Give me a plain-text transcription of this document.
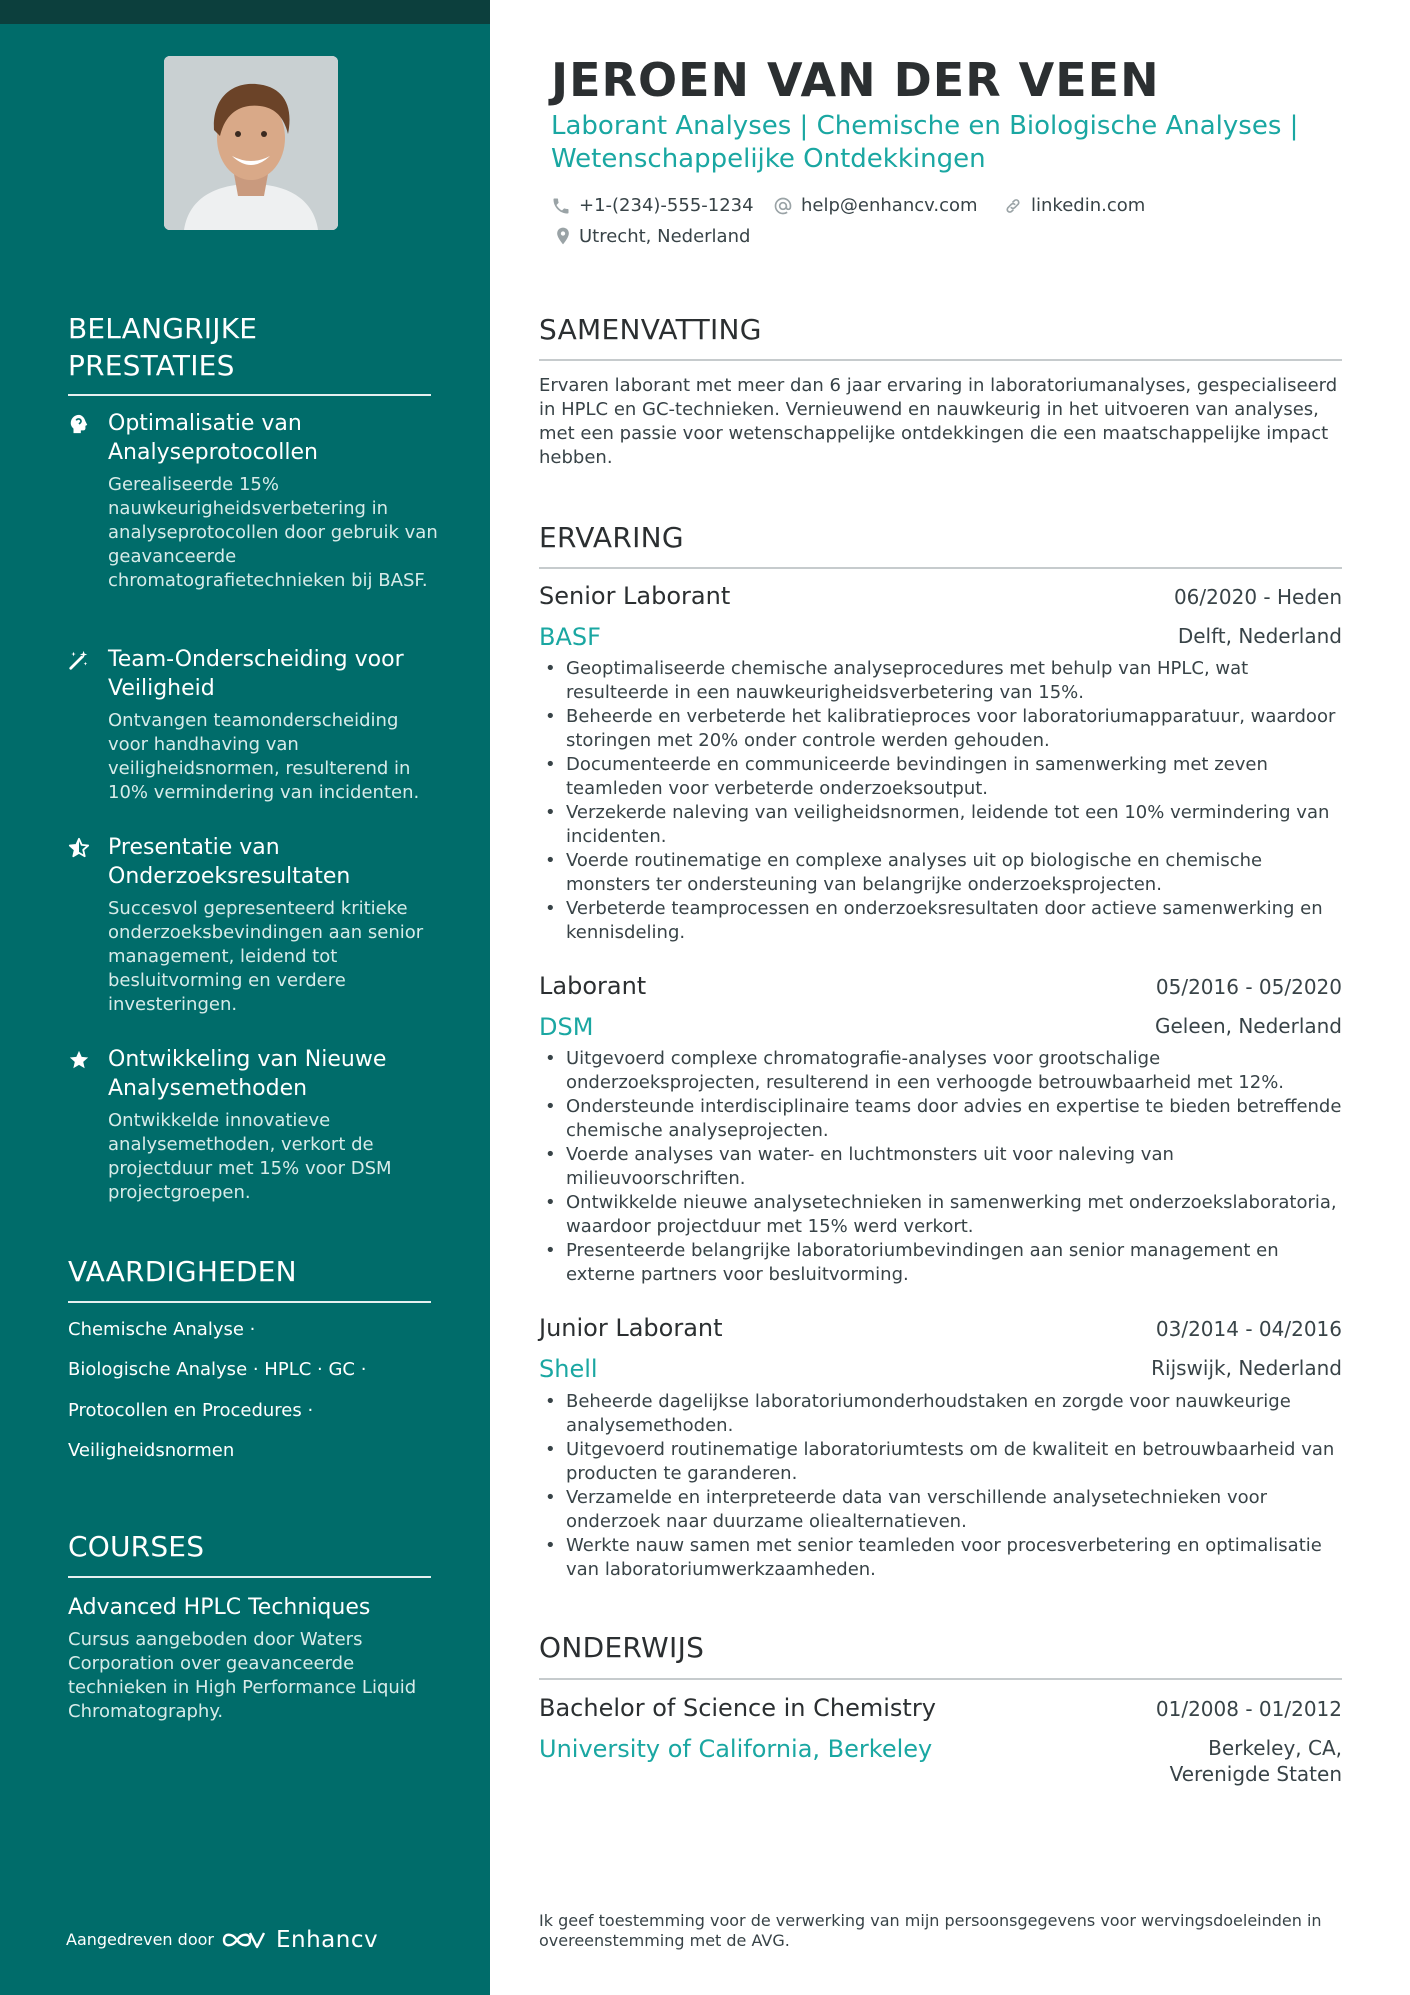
BELANGRIJKE PRESTATIES
Optimalisatie van Analyseprotocollen
Gerealiseerde 15% nauwkeurigheidsverbetering in analyseprotocollen door gebruik van geavanceerde chromatografietechnieken bij BASF.
Team-Onderscheiding voor Veiligheid
Ontvangen teamonderscheiding voor handhaving van veiligheidsnormen, resulterend in 10% vermindering van incidenten.
Presentatie van Onderzoeksresultaten
Succesvol gepresenteerd kritieke onderzoeksbevindingen aan senior management, leidend tot besluitvorming en verdere investeringen.
Ontwikkeling van Nieuwe Analysemethoden
Ontwikkelde innovatieve analysemethoden, verkort de projectduur met 15% voor DSM projectgroepen.
VAARDIGHEDEN
Chemische Analyse ·
Biologische Analyse · HPLC · GC ·
Protocollen en Procedures ·
Veiligheidsnormen
COURSES
Advanced HPLC Techniques
Cursus aangeboden door Waters Corporation over geavanceerde technieken in High Performance Liquid Chromatography.
Aangedreven door	Enhancv
JEROEN VAN DER VEEN
Laborant Analyses | Chemische en Biologische Analyses | Wetenschappelijke Ontdekkingen
+1-(234)-555-1234	help@enhancv.com	linkedin.com
Utrecht, Nederland
SAMENVATTING
Ervaren laborant met meer dan 6 jaar ervaring in laboratoriumanalyses, gespecialiseerd in HPLC en GC-technieken. Vernieuwend en nauwkeurig in het uitvoeren van analyses, met een passie voor wetenschappelijke ontdekkingen die een maatschappelijke impact hebben.
ERVARING
Senior Laborant	06/2020 - Heden
BASF	Delft, Nederland
• Geoptimaliseerde chemische analyseprocedures met behulp van HPLC, wat resulteerde in een nauwkeurigheidsverbetering van 15%.
• Beheerde en verbeterde het kalibratieproces voor laboratoriumapparatuur, waardoor storingen met 20% onder controle werden gehouden.
• Documenteerde en communiceerde bevindingen in samenwerking met zeven teamleden voor verbeterde onderzoeksoutput.
• Verzekerde naleving van veiligheidsnormen, leidende tot een 10% vermindering van incidenten.
• Voerde routinematige en complexe analyses uit op biologische en chemische monsters ter ondersteuning van belangrijke onderzoeksprojecten.
• Verbeterde teamprocessen en onderzoeksresultaten door actieve samenwerking en kennisdeling.
Laborant	05/2016 - 05/2020
DSM	Geleen, Nederland
• Uitgevoerd complexe chromatografie-analyses voor grootschalige onderzoeksprojecten, resulterend in een verhoogde betrouwbaarheid met 12%.
• Ondersteunde interdisciplinaire teams door advies en expertise te bieden betreffende chemische analyseprojecten.
• Voerde analyses van water- en luchtmonsters uit voor naleving van milieuvoorschriften.
• Ontwikkelde nieuwe analysetechnieken in samenwerking met onderzoekslaboratoria, waardoor projectduur met 15% werd verkort.
• Presenteerde belangrijke laboratoriumbevindingen aan senior management en externe partners voor besluitvorming.
Junior Laborant	03/2014 - 04/2016
Shell	Rijswijk, Nederland
• Beheerde dagelijkse laboratoriumonderhoudstaken en zorgde voor nauwkeurige analysemethoden.
• Uitgevoerd routinematige laboratoriumtests om de kwaliteit en betrouwbaarheid van producten te garanderen.
• Verzamelde en interpreteerde data van verschillende analysetechnieken voor onderzoek naar duurzame oliealternatieven.
• Werkte nauw samen met senior teamleden voor procesverbetering en optimalisatie van laboratoriumwerkzaamheden.
ONDERWIJS
Bachelor of Science in Chemistry	01/2008 - 01/2012
University of California, Berkeley	Berkeley, CA, Verenigde Staten
Ik geef toestemming voor de verwerking van mijn persoonsgegevens voor wervingsdoeleinden in overeenstemming met de AVG.
